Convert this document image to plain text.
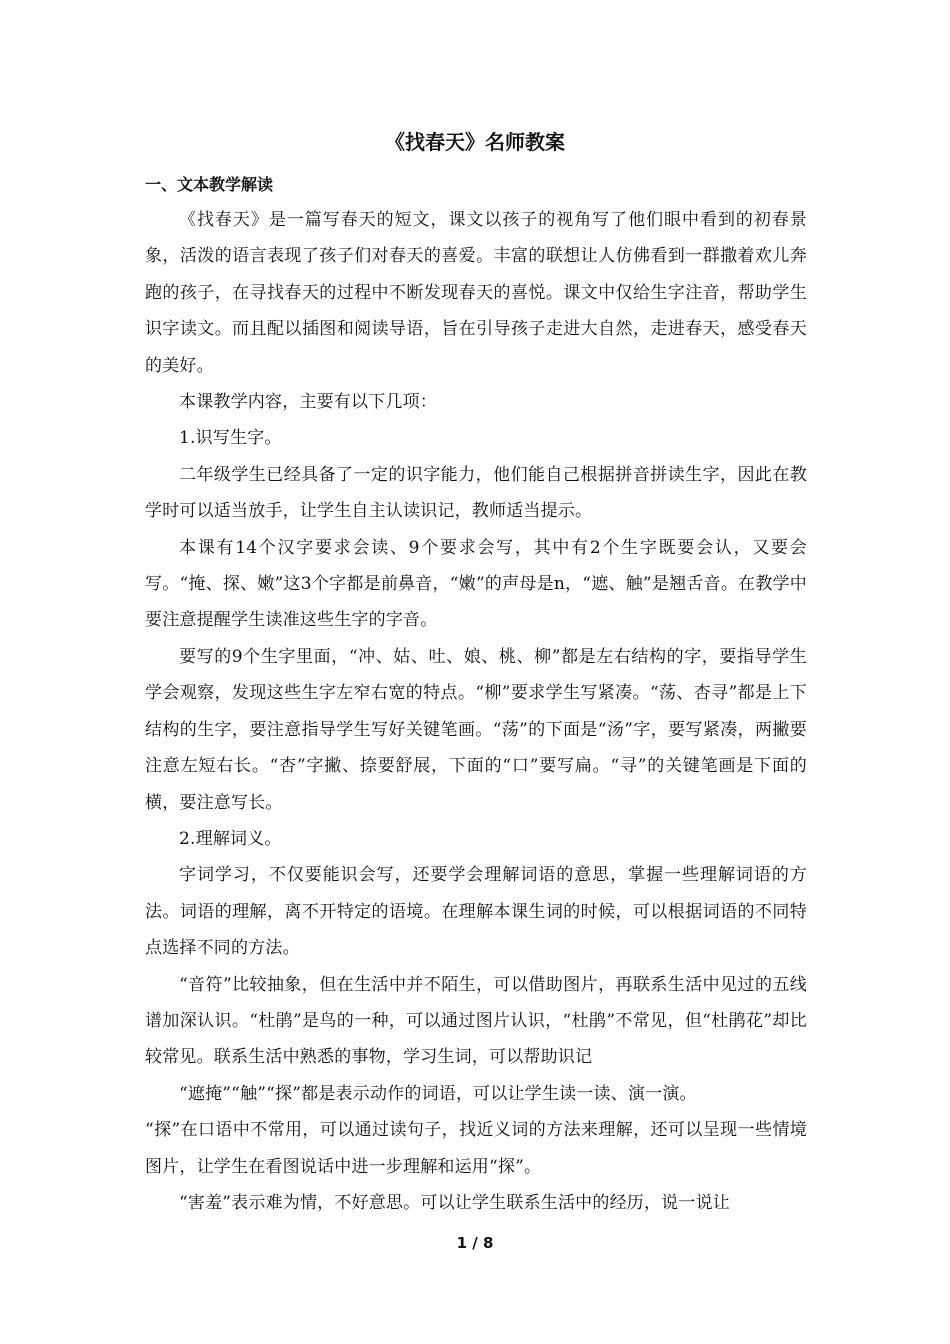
《找春天》名师教案
一、文本教学解读

《找春天》是一篇写春天的短文，课文以孩子的视角写了他们眼中看到的初春景象，活泼的语言表现了孩子们对春天的喜爱。丰富的联想让人仿佛看到一群撒着欢儿奔跑的孩子，在寻找春天的过程中不断发现春天的喜悦。课文中仅给生字注音，帮助学生识字读文。而且配以插图和阅读导语，旨在引导孩子走进大自然，走进春天，感受春天的美好。

本课教学内容，主要有以下几项：

1.识写生字。

二年级学生已经具备了一定的识字能力，他们能自己根据拼音拼读生字，因此在教学时可以适当放手，让学生自主认读识记，教师适当提示。

本课有14个汉字要求会读、9个要求会写，其中有2个生字既要会认，又要会写。“掩、探、嫩”这3个字都是前鼻音，“嫩”的声母是n，“遮、触”是翘舌音。在教学中要注意提醒学生读准这些生字的字音。

要写的9个生字里面，“冲、姑、吐、娘、桃、柳”都是左右结构的字，要指导学生学会观察，发现这些生字左窄右宽的特点。“柳”要求学生写紧凑。“荡、杏寻”都是上下结构的生字，要注意指导学生写好关键笔画。“荡”的下面是“汤”字，要写紧凑，两撇要注意左短右长。“杏”字撇、捺要舒展，下面的“口”要写扁。“寻”的关键笔画是下面的横，要注意写长。

2.理解词义。

字词学习，不仅要能识会写，还要学会理解词语的意思，掌握一些理解词语的方法。词语的理解，离不开特定的语境。在理解本课生词的时候，可以根据词语的不同特点选择不同的方法。

“音符”比较抽象，但在生活中并不陌生，可以借助图片，再联系生活中见过的五线谱加深认识。“杜鹃”是鸟的一种，可以通过图片认识，“杜鹃”不常见，但“杜鹃花”却比较常见。联系生活中熟悉的事物，学习生词，可以帮助识记

“遮掩”“触”“探”都是表示动作的词语，可以让学生读一读、演一演。

“探”在口语中不常用，可以通过读句子，找近义词的方法来理解，还可以呈现一些情境图片，让学生在看图说话中进一步理解和运用“探”。

“害羞”表示难为情，不好意思。可以让学生联系生活中的经历，说一说让

1 / 8
